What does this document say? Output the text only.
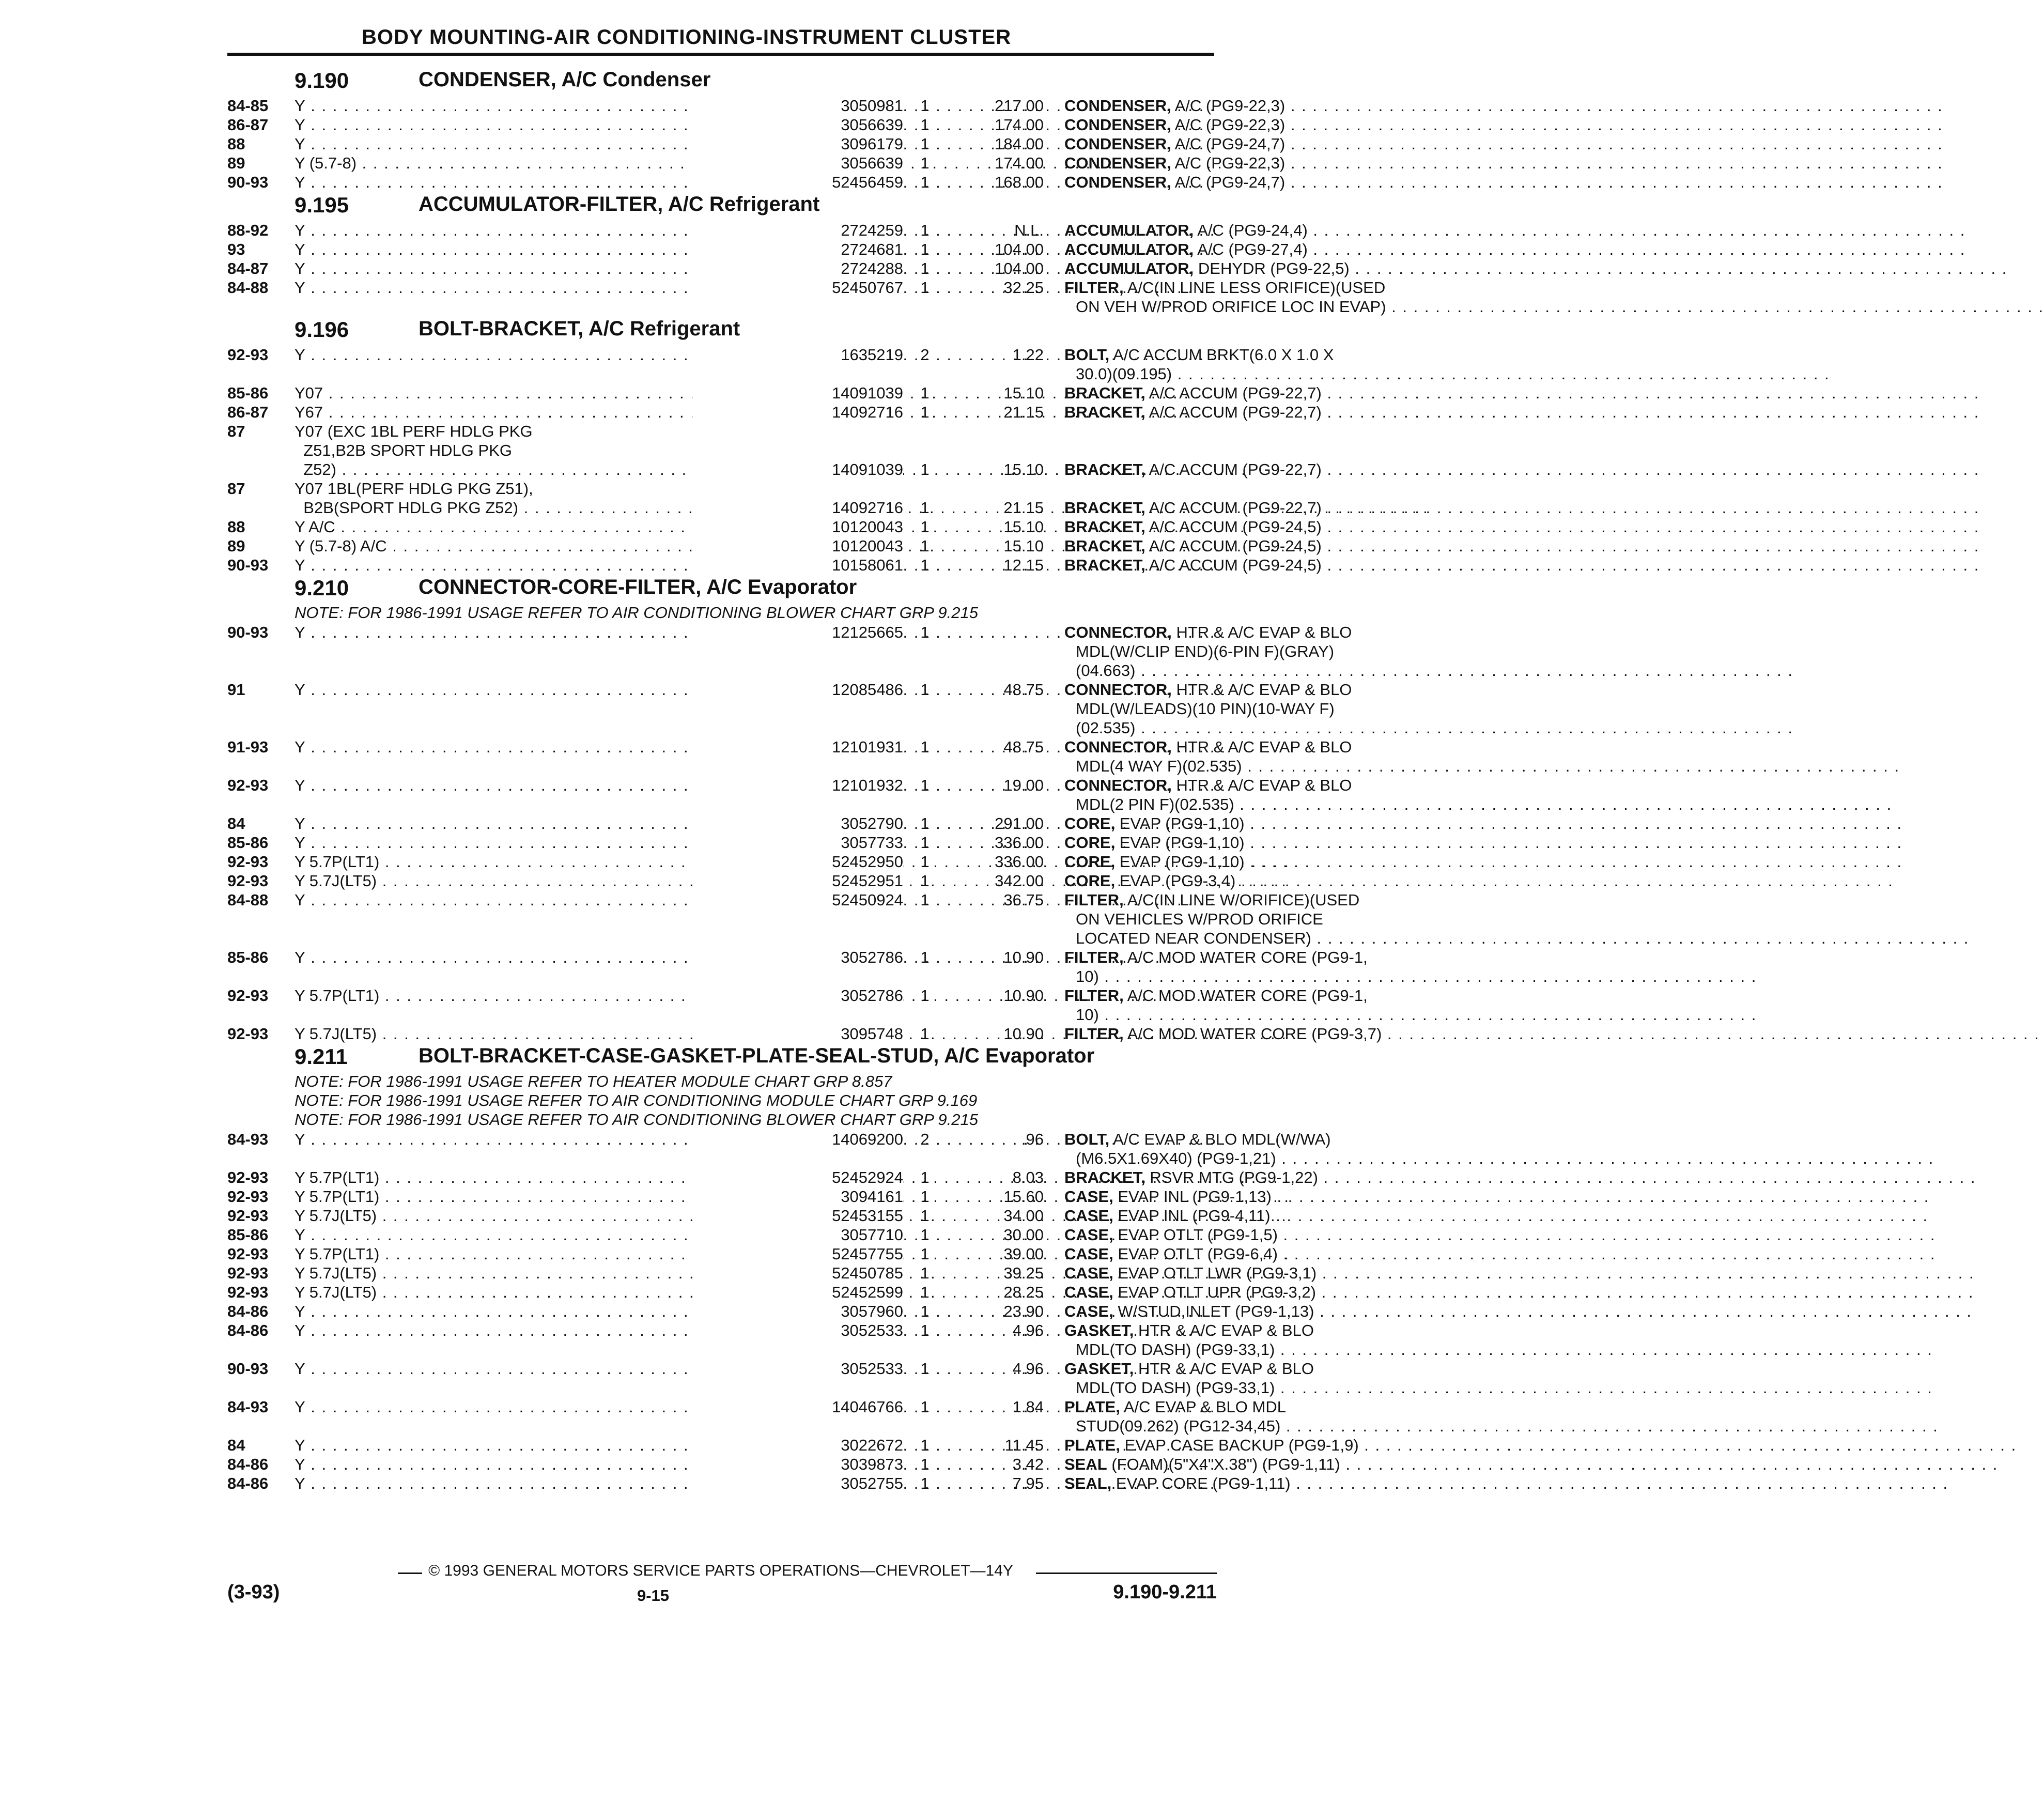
BODY MOUNTING-AIR CONDITIONING-INSTRUMENT CLUSTER
9.190	CONDENSER, A/C Condenser
84-85	Y . . .	3050981	1	217.00 CONDENSER, A/C (PG9-22,3) . . .
86-87	Y . . .	3056639	1	174.00 CONDENSER, A/C (PG9-22,3) . . .
88	Y . . .	3096179	1	184.00 CONDENSER, A/C (PG9-24,7) . . .
89	Y (5.7-8) . . .	3056639	1	174.00 CONDENSER, A/C (PG9-22,3) . . .
90-93	Y . . .	52456459	1	168.00 CONDENSER, A/C (PG9-24,7) . . .
9.195	ACCUMULATOR-FILTER, A/C Refrigerant
88-92	Y . . .	2724259	1	N.L. ACCUMULATOR, A/C (PG9-24,4) . . .
93	Y . . .	2724681	1	104.00 ACCUMULATOR, A/C (PG9-27,4) . . .
84-87	Y . . .	2724288	1	104.00 ACCUMULATOR, DEHYDR (PG9-22,5) . . .
84-88	Y . . .	52450767	1	32.25 FILTER, A/C(IN LINE LESS ORIFICE)(USED
ON VEH W/PROD ORIFICE LOC IN EVAP) . . .
9.196	BOLT-BRACKET, A/C Refrigerant
92-93	Y . . .	1635219	2	1.22 BOLT, A/C ACCUM BRKT(6.0 X 1.0 X
30.0)(09.195) . . .
85-86	Y07 . . .	14091039	1	15.10 BRACKET, A/C ACCUM (PG9-22,7) . . .
86-87	Y67 . . .	14092716	1	21.15 BRACKET, A/C ACCUM (PG9-22,7) . . .
87	Y07 (EXC 1BL PERF HDLG PKG
Z51,B2B SPORT HDLG PKG
Z52) . . .	14091039	1	15.10 BRACKET, A/C ACCUM (PG9-22,7) . . .
87	Y07 1BL(PERF HDLG PKG Z51),
B2B(SPORT HDLG PKG Z52) . . .	14092716	1	21.15 BRACKET, A/C ACCUM (PG9-22,7) . . .
88	Y A/C . . .	10120043	1	15.10 BRACKET, A/C ACCUM (PG9-24,5) . . .
89	Y (5.7-8) A/C . . .	10120043	1	15.10 BRACKET, A/C ACCUM (PG9-24,5) . . .
90-93	Y . . .	10158061	1	12.15 BRACKET, A/C ACCUM (PG9-24,5) . . .
9.210	CONNECTOR-CORE-FILTER, A/C Evaporator
NOTE: FOR 1986-1991 USAGE REFER TO AIR CONDITIONING BLOWER CHART GRP 9.215
90-93	Y . . .	12125665	1	CONNECTOR, HTR & A/C EVAP & BLO
MDL(W/CLIP END)(6-PIN F)(GRAY)
(04.663) . . .
91	Y . . .	12085486	1	48.75 CONNECTOR, HTR & A/C EVAP & BLO
MDL(W/LEADS)(10 PIN)(10-WAY F)
(02.535) . . .
91-93	Y . . .	12101931	1	48.75 CONNECTOR, HTR & A/C EVAP & BLO
MDL(4 WAY F)(02.535) . . .
92-93	Y . . .	12101932	1	19.00 CONNECTOR, HTR & A/C EVAP & BLO
MDL(2 PIN F)(02.535) . . .
84	Y . . .	3052790	1	291.00 CORE, EVAP (PG9-1,10) . . .
85-86	Y . . .	3057733	1	336.00 CORE, EVAP (PG9-1,10) . . .
92-93	Y 5.7P(LT1) . . .	52452950	1	336.00 CORE, EVAP (PG9-1,10) . . .
92-93	Y 5.7J(LT5) . . .	52452951	1	342.00 CORE, EVAP (PG9-3,4) . . .
84-88	Y . . .	52450924	1	36.75 FILTER, A/C(IN LINE W/ORIFICE)(USED
ON VEHICLES W/PROD ORIFICE
LOCATED NEAR CONDENSER) . . .
85-86	Y . . .	3052786	1	10.90 FILTER, A/C MOD WATER CORE (PG9-1,
10) . . .
92-93	Y 5.7P(LT1) . . .	3052786	1	10.90 FILTER, A/C MOD WATER CORE (PG9-1,
10) . . .
92-93	Y 5.7J(LT5) . . .	3095748	1	10.90 FILTER, A/C MOD WATER CORE (PG9-3,7) . . .
9.211	BOLT-BRACKET-CASE-GASKET-PLATE-SEAL-STUD, A/C Evaporator
NOTE: FOR 1986-1991 USAGE REFER TO HEATER MODULE CHART GRP 8.857
NOTE: FOR 1986-1991 USAGE REFER TO AIR CONDITIONING MODULE CHART GRP 9.169
NOTE: FOR 1986-1991 USAGE REFER TO AIR CONDITIONING BLOWER CHART GRP 9.215
84-93	Y . . .	14069200	2	.96 BOLT, A/C EVAP & BLO MDL(W/WA)
(M6.5X1.69X40) (PG9-1,21) . . .
92-93	Y 5.7P(LT1) . . .	52452924	1	8.03 BRACKET, RSVR MTG (PG9-1,22) . . .
92-93	Y 5.7P(LT1) . . .	3094161	1	15.60 CASE, EVAP INL (PG9-1,13) . . .
92-93	Y 5.7J(LT5) . . .	52453155	1	34.00 CASE, EVAP INL (PG9-4,11) . . .
85-86	Y . . .	3057710	1	30.00 CASE, EVAP OTLT (PG9-1,5) . . .
92-93	Y 5.7P(LT1) . . .	52457755	1	39.00 CASE, EVAP OTLT (PG9-6,4) . . .
92-93	Y 5.7J(LT5) . . .	52450785	1	39.25 CASE, EVAP OTLT LWR (PG9-3,1) . . .
92-93	Y 5.7J(LT5) . . .	52452599	1	28.25 CASE, EVAP OTLT UPR (PG9-3,2) . . .
84-86	Y . . .	3057960	1	23.90 CASE, W/STUD,INLET (PG9-1,13) . . .
84-86	Y . . .	3052533	1	4.96 GASKET, HTR & A/C EVAP & BLO
MDL(TO DASH) (PG9-33,1) . . .
90-93	Y . . .	3052533	1	4.96 GASKET, HTR & A/C EVAP & BLO
MDL(TO DASH) (PG9-33,1) . . .
84-93	Y . . .	14046766	1	1.84 PLATE, A/C EVAP & BLO MDL
STUD(09.262) (PG12-34,45) . . .
84	Y . . .	3022672	1	11.45 PLATE, EVAP CASE BACKUP (PG9-1,9) . . .
84-86	Y . . .	3039873	1	3.42 SEAL (FOAM)(5"X4"X.38") (PG9-1,11) . . .
84-86	Y . . .	3052755	1	7.95 SEAL, EVAP CORE (PG9-1,11) . . .
© 1993 GENERAL MOTORS SERVICE PARTS OPERATIONS—CHEVROLET—14Y
(3-93)	9-15	9.190-9.211
